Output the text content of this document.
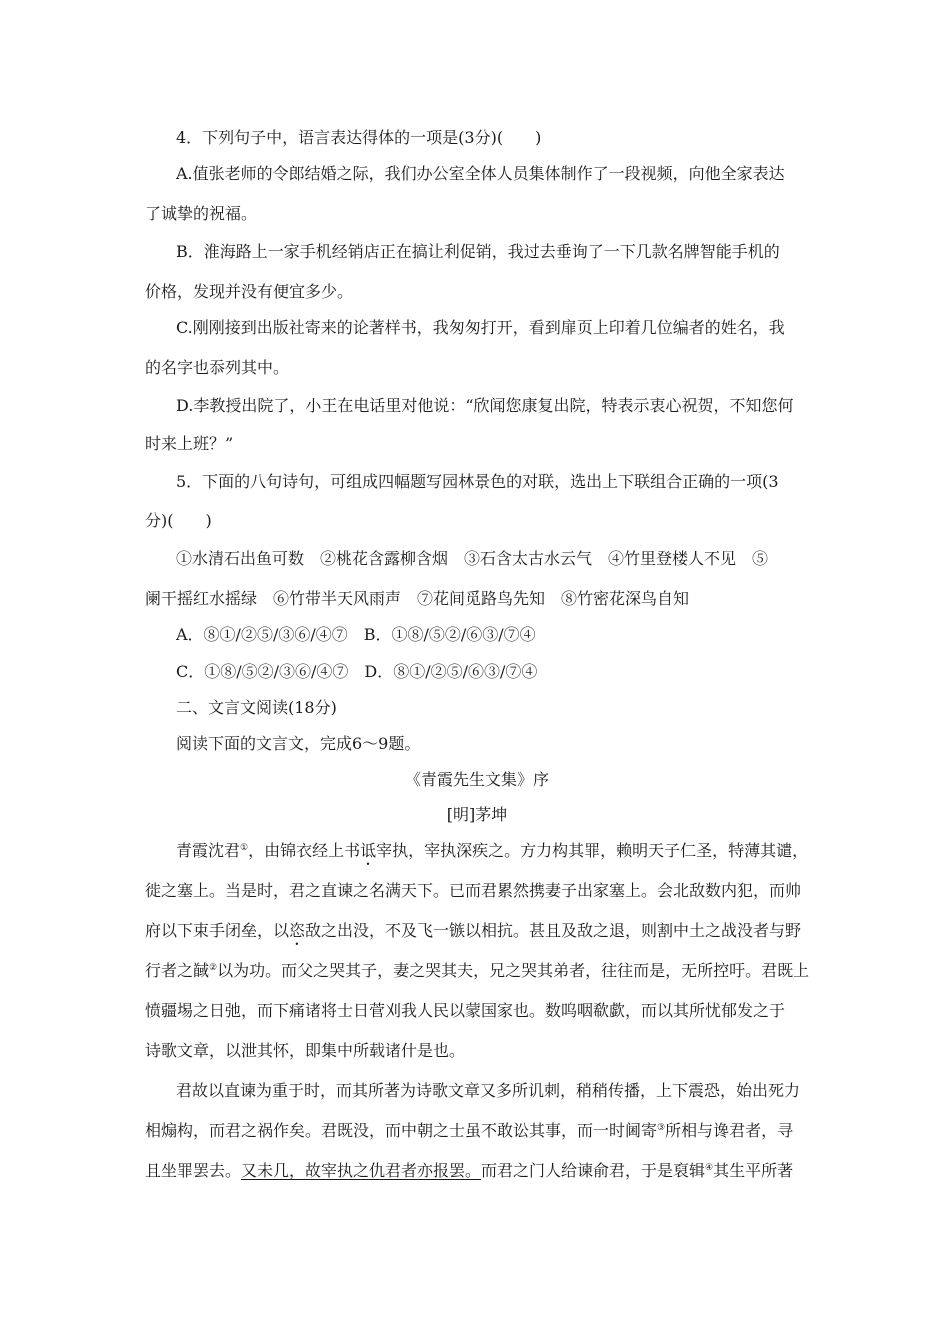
4．下列句子中，语言表达得体的一项是(3分)(　　)
A.值张老师的令郎结婚之际，我们办公室全体人员集体制作了一段视频，向他全家表达
了诚挚的祝福。
B．淮海路上一家手机经销店正在搞让利促销，我过去垂询了一下几款名牌智能手机的
价格，发现并没有便宜多少。
C.刚刚接到出版社寄来的论著样书，我匆匆打开，看到扉页上印着几位编者的姓名，我
的名字也忝列其中。
D.李教授出院了，小王在电话里对他说：“欣闻您康复出院，特表示衷心祝贺，不知您何
时来上班？”
5．下面的八句诗句，可组成四幅题写园林景色的对联，选出上下联组合正确的一项(3
分)(　　)
①水清石出鱼可数　②桃花含露柳含烟　③石含太古水云气　④竹里登楼人不见　⑤
阑干摇红水摇绿　⑥竹带半天风雨声　⑦花间觅路鸟先知　⑧竹密花深鸟自知
A．⑧①/②⑤/③⑥/④⑦　B．①⑧/⑤②/⑥③/⑦④
C．①⑧/⑤②/③⑥/④⑦　D．⑧①/②⑤/⑥③/⑦④
二、文言文阅读(18分)
阅读下面的文言文，完成6～9题。
《青霞先生文集》序
[明]茅坤
青霞沈君①，由锦衣经上书诋宰执，宰执深疾之。方力构其罪，赖明天子仁圣，特薄其谴，
徙之塞上。当是时，君之直谏之名满天下。已而君累然携妻子出家塞上。会北敌数内犯，而帅
府以下束手闭垒，以恣敌之出没，不及飞一镞以相抗。甚且及敌之退，则割中土之战没者与野
行者之馘②以为功。而父之哭其子，妻之哭其夫，兄之哭其弟者，往往而是，无所控吁。君既上
愤疆埸之日弛，而下痛诸将士日菅刈我人民以蒙国家也。数呜咽欷歔，而以其所忧郁发之于
诗歌文章，以泄其怀，即集中所载诸什是也。
君故以直谏为重于时，而其所著为诗歌文章又多所讥刺，稍稍传播，上下震恐，始出死力
相煽构，而君之祸作矣。君既没，而中朝之士虽不敢讼其事，而一时阃寄③所相与谗君者，寻
且坐罪罢去。又未几，故宰执之仇君者亦报罢。而君之门人给谏俞君，于是裒辑④其生平所著
